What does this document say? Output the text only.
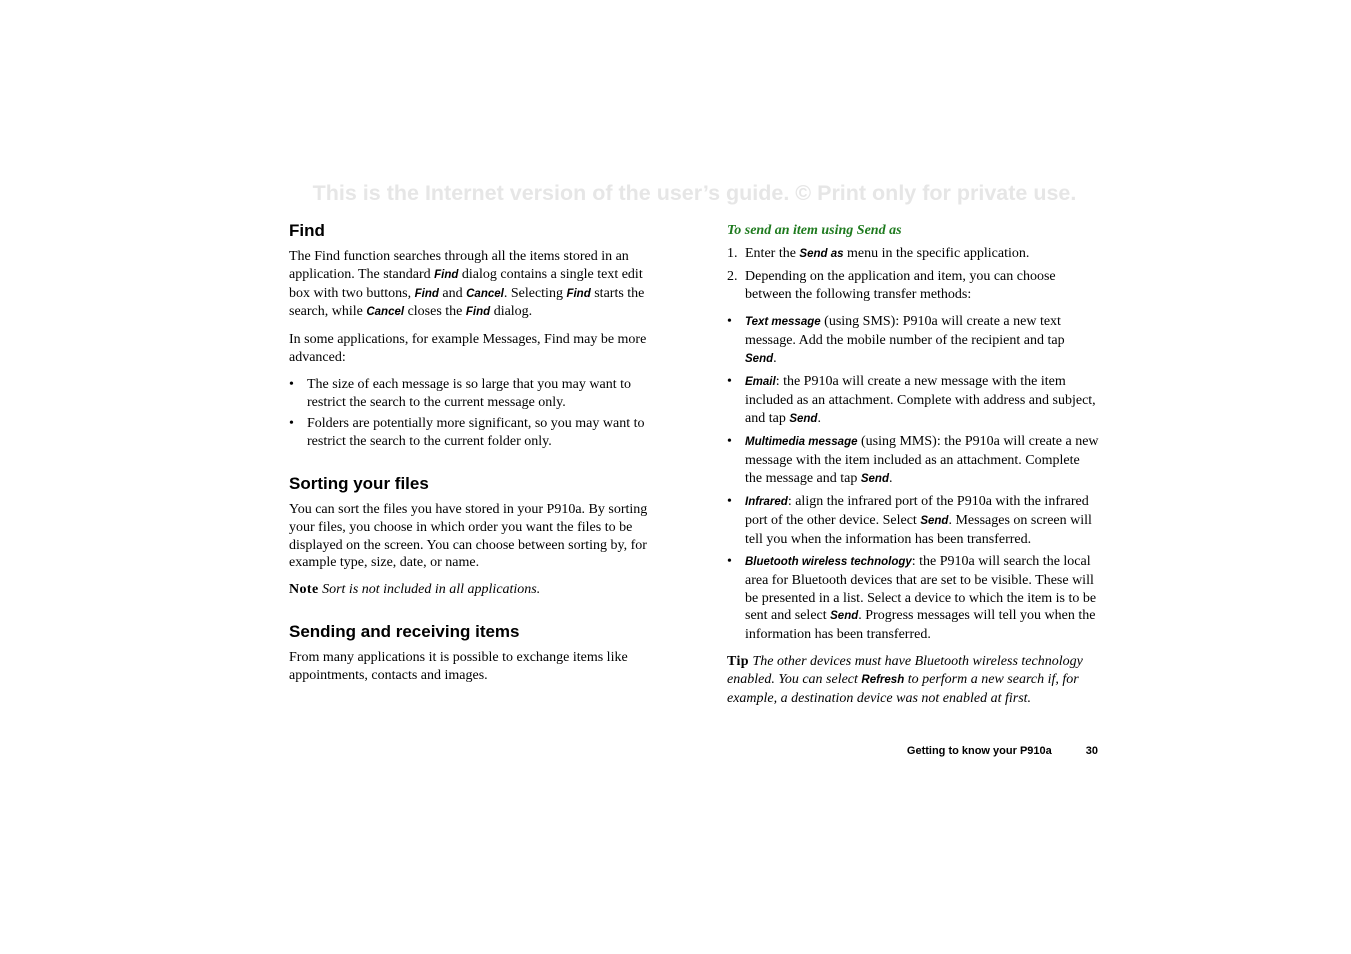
This is the Internet version of the user’s guide. © Print only for private use.

Find

The Find function searches through all the items stored in an application. The standard Find dialog contains a single text edit box with two buttons, Find and Cancel. Selecting Find starts the search, while Cancel closes the Find dialog.

In some applications, for example Messages, Find may be more advanced:

• The size of each message is so large that you may want to restrict the search to the current message only.
• Folders are potentially more significant, so you may want to restrict the search to the current folder only.
Sorting your files

You can sort the files you have stored in your P910a. By sorting your files, you choose in which order you want the files to be displayed on the screen. You can choose between sorting by, for example type, size, date, or name.

Note Sort is not included in all applications.

Sending and receiving items

From many applications it is possible to exchange items like appointments, contacts and images.

To send an item using Send as
1. Enter the Send as menu in the specific application.
2. Depending on the application and item, you can choose between the following transfer methods:
• Text message (using SMS): P910a will create a new text message. Add the mobile number of the recipient and tap Send.
• Email: the P910a will create a new message with the item included as an attachment. Complete with address and subject, and tap Send.
• Multimedia message (using MMS): the P910a will create a new message with the item included as an attachment. Complete the message and tap Send.
• Infrared: align the infrared port of the P910a with the infrared port of the other device. Select Send. Messages on screen will tell you when the information has been transferred.
• Bluetooth wireless technology: the P910a will search the local area for Bluetooth devices that are set to be visible. These will be presented in a list. Select a device to which the item is to be sent and select Send. Progress messages will tell you when the information has been transferred.

Tip The other devices must have Bluetooth wireless technology enabled. You can select Refresh to perform a new search if, for example, a destination device was not enabled at first.

Getting to know your P910a	30
